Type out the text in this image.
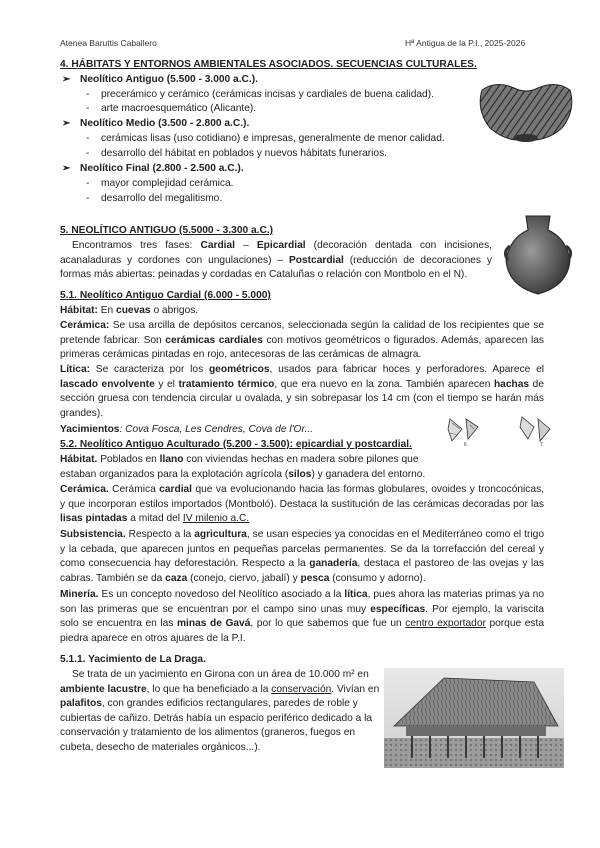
Atenea Baruttis Caballero	Hª Antigua de la P.I., 2025-2026
4. HÁBITATS Y ENTORNOS AMBIENTALES ASOCIADOS. SECUENCIAS CULTURALES.
➢ Neolítico Antiguo (5.500 - 3.000 a.C.).
- precerámico y cerámico (cerámicas incisas y cardiales de buena calidad).
- arte macroesquemático (Alicante).
➢ Neolítico Medio (3.500 - 2.800 a.C.).
- cerámicas lisas (uso cotidiano) e impresas, generalmente de menor calidad.
- desarrollo del hábitat en poblados y nuevos hábitats funerarios.
➢ Neolítico Final (2.800 - 2.500 a.C.).
- mayor complejidad cerámica.
- desarrollo del megalitismo.
5. NEOLÍTICO ANTIGUO (5.5000 - 3.300 a.C.)
Encontramos tres fases: Cardial – Epicardial (decoración dentada con incisiones, acanaladuras y cordones con ungulaciones) – Postcardial (reducción de decoraciones y formas más abiertas: peinadas y cordadas en Cataluñas o relación con Montbolo en el N).
5.1. Neolítico Antiguo Cardial (6.000 - 5.000)
Hábitat: En cuevas o abrigos.
Cerámica: Se usa arcilla de depósitos cercanos, seleccionada según la calidad de los recipientes que se pretende fabricar. Son cerámicas cardiales con motivos geométricos o figurados. Además, aparecen las primeras cerámicas pintadas en rojo, antecesoras de las cerámicas de almagra.
Lítica: Se caracteriza por los geométricos, usados para fabricar hoces y perforadores. Aparece el lascado envolvente y el tratamiento térmico, que era nuevo en la zona. También aparecen hachas de sección gruesa con tendencia circular u ovalada, y sin sobrepasar los 14 cm (con el tiempo se harán más grandes).
Yacimientos: Cova Fosca, Les Cendres, Cova de l'Or...
6	7
5.2. Neolítico Antiguo Aculturado (5.200 - 3.500): epicardial y postcardial.
Hábitat. Poblados en llano con viviendas hechas en madera sobre pilones que estaban organizados para la explotación agrícola (silos) y ganadera del entorno.
Cerámica. Cerámica cardial que va evolucionando hacia las formas globulares, ovoides y troncocónicas, y que incorporan estilos importados (Montboló). Destaca la sustitución de las cerámicas decoradas por las lisas pintadas a mitad del IV milenio a.C.
Subsistencia. Respecto a la agricultura, se usan especies ya conocidas en el Mediterráneo como el trigo y la cebada, que aparecen juntos en pequeñas parcelas permanentes. Se da la torrefacción del cereal y como consecuencia hay deforestación. Respecto a la ganadería, destaca el pastoreo de las ovejas y las cabras. También se da caza (conejo, ciervo, jabalí) y pesca (consumo y adorno).
Minería. Es un concepto novedoso del Neolítico asociado a la lítica, pues ahora las materias primas ya no son las primeras que se encuentran por el campo sino unas muy específicas. Por ejemplo, la variscita solo se encuentra en las minas de Gavá, por lo que sabemos que fue un centro exportador porque esta piedra aparece en otros ajuares de la P.I.
5.1.1. Yacimiento de La Draga.
Se trata de un yacimiento en Girona con un área de 10.000 m² en ambiente lacustre, lo que ha beneficiado a la conservación. Vivían en palafitos, con grandes edificios rectangulares, paredes de roble y cubiertas de cañizo. Detrás había un espacio periférico dedicado a la conservación y tratamiento de los alimentos (graneros, fuegos en cubeta, desecho de materiales orgánicos...).
